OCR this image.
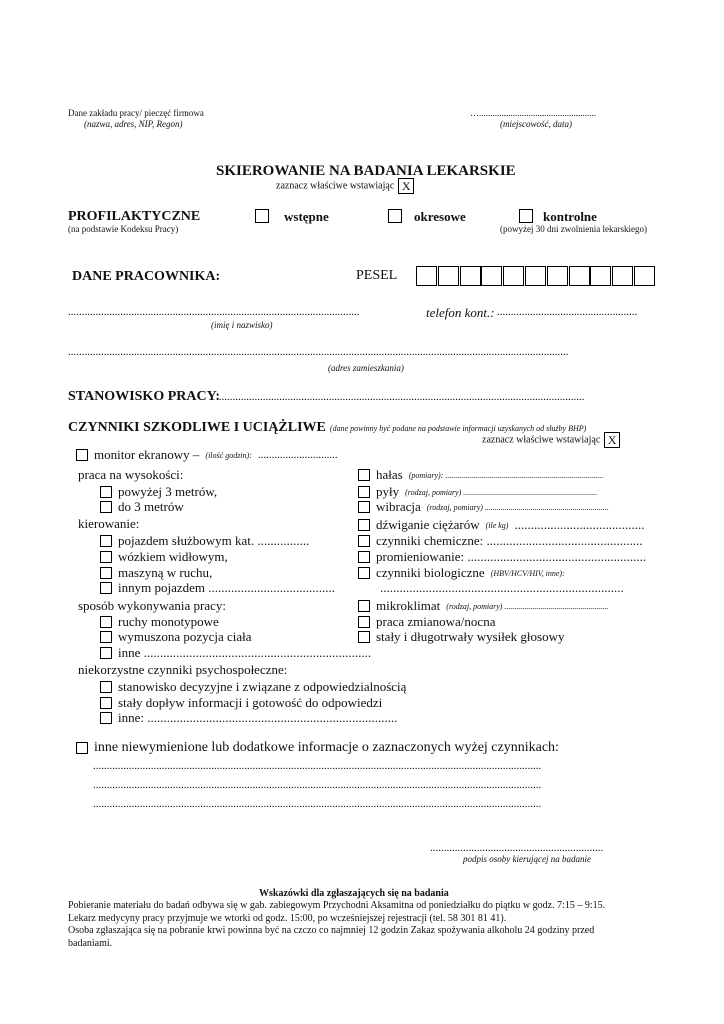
Dane zakładu pracy/ pieczęć firmowa
(nazwa, adres, NIP, Regon)
…....................................................
(miejscowość, data)
SKIEROWANIE NA BADANIA LEKARSKIE
zaznacz właściwe wstawiając X
PROFILAKTYCZNE
(na podstawie Kodeksu Pracy)
wstępne	okresowe	kontrolne
(powyżej 30 dni zwolnienia lekarskiego)
DANE PRACOWNIKA:	PESEL
..........................................................................................................
(imię i nazwisko)
telefon kont.: ...................................................
......................................................................................................................................................................................
(adres zamieszkania)
STANOWISKO PRACY:
......................................................................................................................................
CZYNNIKI SZKODLIWE I UCIĄŻLIWE (dane powinny być podane na podstawie informacji uzyskanych od służby BHP)
zaznacz właściwe wstawiając X
monitor ekranowy – (ilość godzin): .............................
praca na wysokości:
powyżej 3 metrów,
do 3 metrów
kierowanie:
pojazdem służbowym kat. ................
wózkiem widłowym,
maszyną w ruchu,
innym pojazdem .......................................
sposób wykonywania pracy:
ruchy monotypowe
wymuszona pozycja ciała
inne ......................................................................
niekorzystne czynniki psychospołeczne:
stanowisko decyzyjne i związane z odpowiedzialnością
stały dopływ informacji i gotowość do odpowiedzi
inne: .............................................................................
hałas (pomiary): ...............................................................................
pyły (rodzaj, pomiary) ...................................................................
wibracja (rodzaj, pomiary) ..............................................................
dźwiganie ciężarów (ile kg) ........................................
czynniki chemiczne: ................................................
promieniowanie: .......................................................
czynniki biologiczne (HBV/HCV/HIV, inne):
...........................................................................
mikroklimat (rodzaj, pomiary) ....................................................
praca zmianowa/nocna
stały i długotrwały wysiłek głosowy
inne niewymienione lub dodatkowe informacje o zaznaczonych wyżej czynnikach:
...................................................................................................................................................................
...................................................................................................................................................................
...................................................................................................................................................................
...............................................................
podpis osoby kierującej na badanie
Wskazówki dla zgłaszających się na badania
Pobieranie materiału do badań odbywa się w gab. zabiegowym Przychodni Aksamitna od poniedziałku do piątku w godz. 7:15 – 9:15.
Lekarz medycyny pracy przyjmuje we wtorki od godz. 15:00, po wcześniejszej rejestracji (tel. 58 301 81 41).
Osoba zgłaszająca się na pobranie krwi powinna być na czczo co najmniej 12 godzin Zakaz spożywania alkoholu 24 godziny przed
badaniami.
